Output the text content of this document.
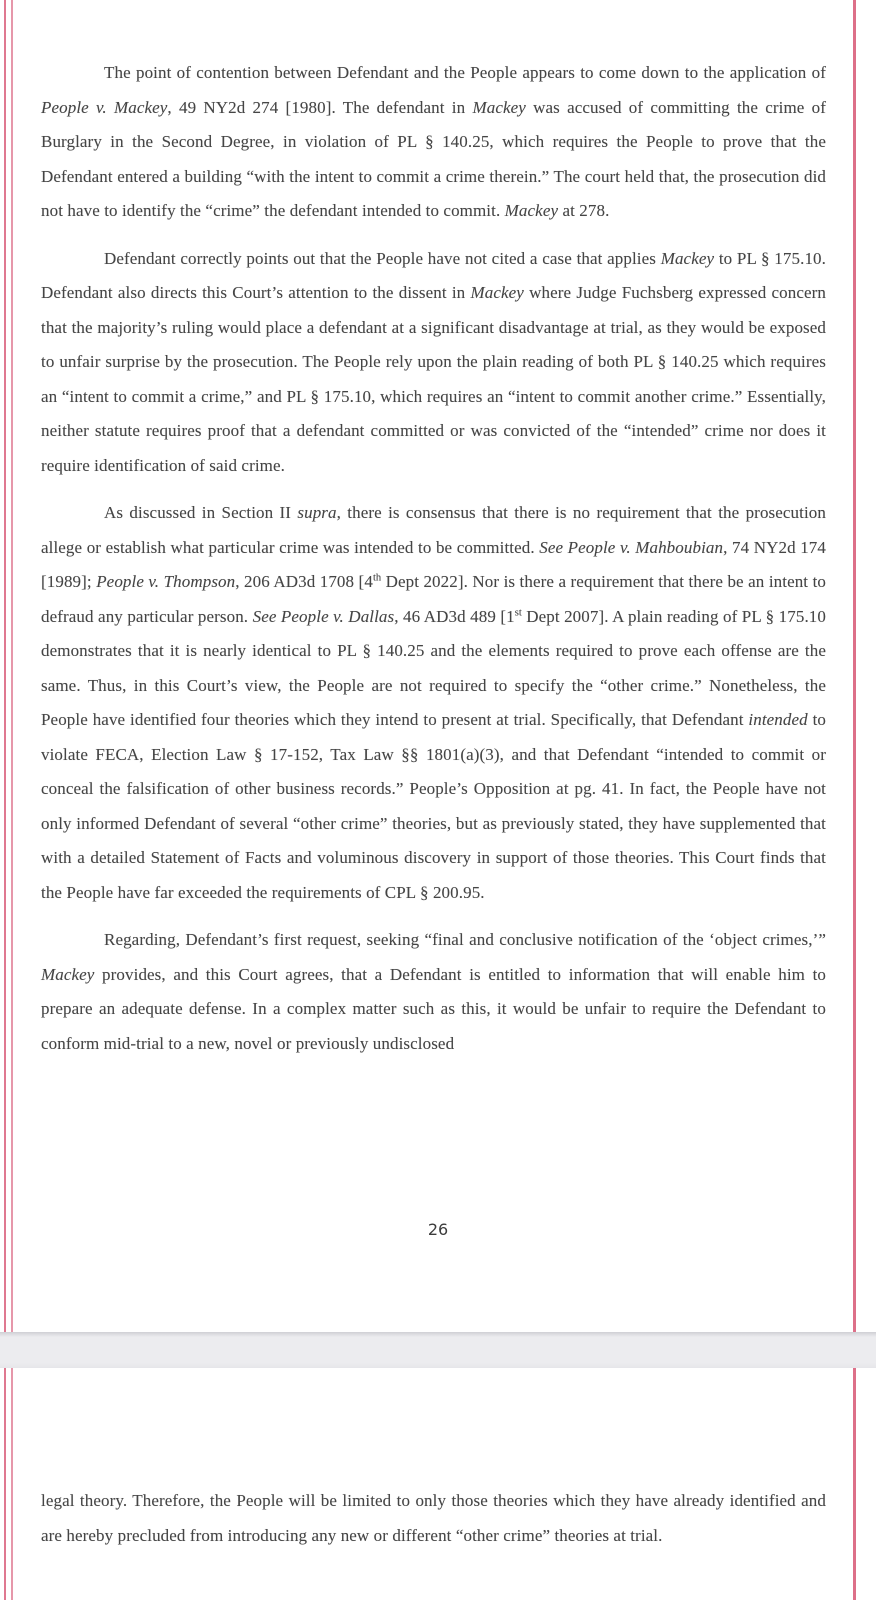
The point of contention between Defendant and the People appears to come down to the application of People v. Mackey, 49 NY2d 274 [1980]. The defendant in Mackey was accused of committing the crime of Burglary in the Second Degree, in violation of PL § 140.25, which requires the People to prove that the Defendant entered a building “with the intent to commit a crime therein.” The court held that, the prosecution did not have to identify the “crime” the defendant intended to commit. Mackey at 278.

Defendant correctly points out that the People have not cited a case that applies Mackey to PL § 175.10. Defendant also directs this Court’s attention to the dissent in Mackey where Judge Fuchsberg expressed concern that the majority’s ruling would place a defendant at a significant disadvantage at trial, as they would be exposed to unfair surprise by the prosecution. The People rely upon the plain reading of both PL § 140.25 which requires an “intent to commit a crime,” and PL § 175.10, which requires an “intent to commit another crime.” Essentially, neither statute requires proof that a defendant committed or was convicted of the “intended” crime nor does it require identification of said crime.

As discussed in Section II supra, there is consensus that there is no requirement that the prosecution allege or establish what particular crime was intended to be committed. See People v. Mahboubian, 74 NY2d 174 [1989]; People v. Thompson, 206 AD3d 1708 [4th Dept 2022]. Nor is there a requirement that there be an intent to defraud any particular person. See People v. Dallas, 46 AD3d 489 [1st Dept 2007]. A plain reading of PL § 175.10 demonstrates that it is nearly identical to PL § 140.25 and the elements required to prove each offense are the same. Thus, in this Court’s view, the People are not required to specify the “other crime.” Nonetheless, the People have identified four theories which they intend to present at trial. Specifically, that Defendant intended to violate FECA, Election Law § 17-152, Tax Law §§ 1801(a)(3), and that Defendant “intended to commit or conceal the falsification of other business records.” People’s Opposition at pg. 41. In fact, the People have not only informed Defendant of several “other crime” theories, but as previously stated, they have supplemented that with a detailed Statement of Facts and voluminous discovery in support of those theories. This Court finds that the People have far exceeded the requirements of CPL § 200.95.

Regarding, Defendant’s first request, seeking “final and conclusive notification of the ‘object crimes,’” Mackey provides, and this Court agrees, that a Defendant is entitled to information that will enable him to prepare an adequate defense. In a complex matter such as this, it would be unfair to require the Defendant to conform mid-trial to a new, novel or previously undisclosed

26

legal theory. Therefore, the People will be limited to only those theories which they have already identified and are hereby precluded from introducing any new or different “other crime” theories at trial.
